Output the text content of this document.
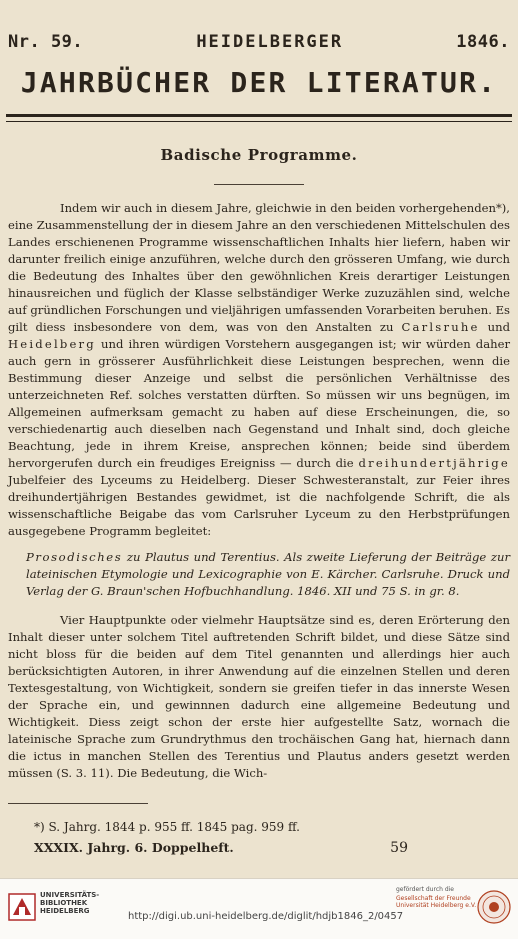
Nr. 59.	HEIDELBERGER	1846.
JAHRBÜCHER DER LITERATUR.
Badische Programme.

Indem wir auch in diesem Jahre, gleichwie in den beiden vorhergehenden*), eine Zusammenstellung der in diesem Jahre an den verschiedenen Mittelschulen des Landes erschienenen Programme wissenschaftlichen Inhalts hier liefern, haben wir darunter freilich einige anzuführen, welche durch den grösseren Umfang, wie durch die Bedeutung des Inhaltes über den gewöhnlichen Kreis derartiger Leistungen hinausreichen und füglich der Klasse selbständiger Werke zuzuzählen sind, welche auf gründlichen Forschungen und vieljährigen umfassenden Vorarbeiten beruhen. Es gilt diess insbesondere von dem, was von den Anstalten zu Carlsruhe und Heidelberg und ihren würdigen Vorstehern ausgegangen ist; wir würden daher auch gern in grösserer Ausführlichkeit diese Leistungen besprechen, wenn die Bestimmung dieser Anzeige und selbst die persönlichen Verhältnisse des unterzeichneten Ref. solches verstatten dürften. So müssen wir uns begnügen, im Allgemeinen aufmerksam gemacht zu haben auf diese Erscheinungen, die, so verschiedenartig auch dieselben nach Gegenstand und Inhalt sind, doch gleiche Beachtung, jede in ihrem Kreise, ansprechen können; beide sind überdem hervorgerufen durch ein freudiges Ereigniss — durch die dreihundertjährige Jubelfeier des Lyceums zu Heidelberg. Dieser Schwesteranstalt, zur Feier ihres dreihundertjährigen Bestandes gewidmet, ist die nachfolgende Schrift, die als wissenschaftliche Beigabe das vom Carlsruher Lyceum zu den Herbstprüfungen ausgegebene Programm begleitet:

Prosodisches zu Plautus und Terentius. Als zweite Lieferung der Beiträge zur lateinischen Etymologie und Lexicographie von E. Kärcher. Carlsruhe. Druck und Verlag der G. Braun'schen Hofbuchhandlung. 1846. XII und 75 S. in gr. 8.

Vier Hauptpunkte oder vielmehr Hauptsätze sind es, deren Erörterung den Inhalt dieser unter solchem Titel auftretenden Schrift bildet, und diese Sätze sind nicht bloss für die beiden auf dem Titel genannten und allerdings hier auch berücksichtigten Autoren, in ihrer Anwendung auf die einzelnen Stellen und deren Textesgestaltung, von Wichtigkeit, sondern sie greifen tiefer in das innerste Wesen der Sprache ein, und gewinnnen dadurch eine allgemeine Bedeutung und Wichtigkeit. Diess zeigt schon der erste hier aufgestellte Satz, wornach die lateinische Sprache zum Grundrythmus den trochäischen Gang hat, hiernach dann die ictus in manchen Stellen des Terentius und Plautus anders gesetzt werden müssen (S. 3. 11). Die Bedeutung, die Wich-

*) S. Jahrg. 1844 p. 955 ff. 1845 pag. 959 ff.
XXXIX. Jahrg. 6. Doppelheft.	59
UNIVERSITÄTS-
BIBLIOTHEK
HEIDELBERG	http://digi.ub.uni-heidelberg.de/diglit/hdjb1846_2/0457
gefördert durch die
Gesellschaft der Freunde
Universität Heidelberg e.V.
